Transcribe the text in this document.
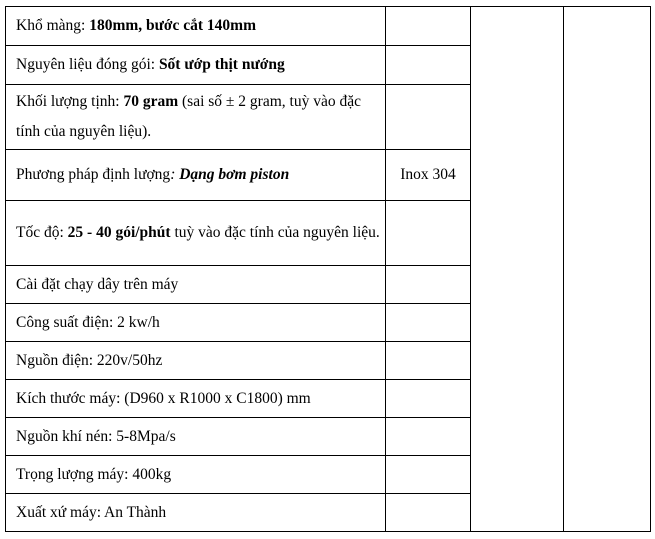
Khổ màng: 180mm, bước cắt 140mm			
Nguyên liệu đóng gói: Sốt ướp thịt nướng			
Khối lượng tịnh: 70 gram (sai số ± 2 gram, tuỳ vào đặc tính của nguyên liệu).			
Phương pháp định lượng: Dạng bơm piston	Inox 304		
Tốc độ: 25 - 40 gói/phút tuỳ vào đặc tính của nguyên liệu.			
Cài đặt chạy dây trên máy			
Công suất điện: 2 kw/h			
Nguồn điện: 220v/50hz			
Kích thước máy: (D960 x R1000 x C1800) mm			
Nguồn khí nén: 5-8Mpa/s			
Trọng lượng máy: 400kg			
Xuất xứ máy: An Thành			
